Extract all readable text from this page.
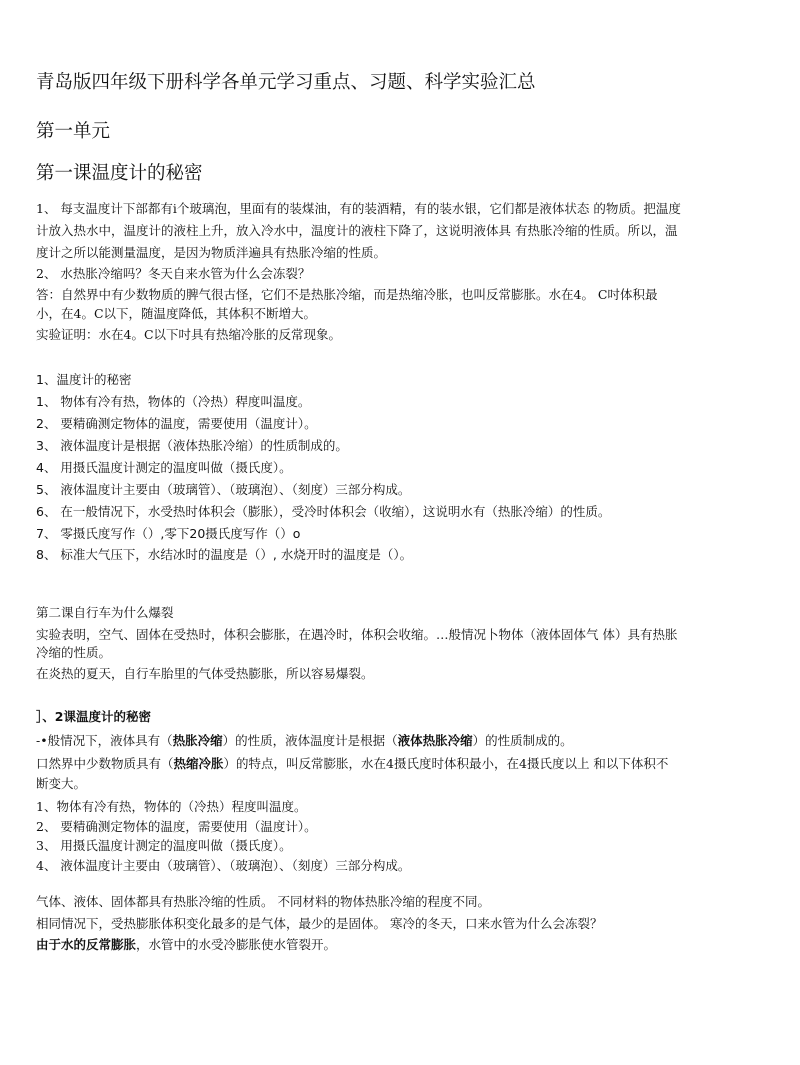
青岛版四年级下册科学各单元学习重点、习题、科学实验汇总
第一单元
第一课温度计的秘密
1、 每支温度计下部都有i个玻璃泡，里面有的装煤油，有的装酒精，有的装水银，它们都是液体状态 的物质。把温度
计放入热水中，温度计的液柱上升，放入冷水中，温度计的液柱下降了，这说明液体具 有热胀冷缩的性质。所以，温
度计之所以能测量温度，是因为物质泮遍具有热胀冷缩的性质。
2、 水热胀冷缩吗？冬天自来水管为什么会冻裂？
答：自然界中有少数物质的脾气很古怪，它们不是热胀冷缩，而是热缩冷胀，也叫反常膨胀。水在4。 C吋体积最
小，在4。C以下，随温度降低，其体积不断増大。
实验证明：水在4。C以下吋具有热缩冷胀的反常现象。
1、温度计的秘密
1、 物体有冷有热，物体的（冷热）稈度叫温度。
2、 要精确测定物体的温度，需要使用（温度计）。
3、 液体温度计是根据（液体热胀冷缩）的性质制成的。
4、 用摄氏温度计测定的温度叫做（摄氏度）。
5、 液体温度计主要由（玻璃管）、（玻璃泡）、（刻度）三部分构成。
6、 在一般情况下，水受热时体积会（膨胀），受冷时体积会（收缩），这说明水有（热胀冷缩）的性质。
7、 零摄氏度写作（）,零下20摄氏度写作（）o
8、 标准大气压下，水结冰时的温度是（）, 水烧开时的温度是（）。
第二课自行车为什么爆裂
实验表明，空气、固体在受热时，体积会膨胀，在遇冷时，体积会收缩。…般情况卜物体（液体固体气 体）具有热胀
冷缩的性质。
在炎热的夏天，自行车胎里的气体受热膨胀，所以容易爆裂。
］、2课温度计的秘密
-•般情况下，液体具有（热胀冷缩）的性质，液体温度计是根据（液体热胀冷缩）的性质制成的。
口然界中少数物质具有（热缩冷胀）的特点，叫反常膨胀，水在4摄氏度时体积最小，在4摄氏度以上 和以下体积不
断变大。
1、物体有冷有热，物体的（冷热）程度叫温度。
2、 要精确测定物体的温度，需要使用（温度计）。
3、 用摄氏温度计测定的温度叫做（摄氏度）。
4、 液体温度计主要由（玻璃管）、（玻璃泡）、（刻度）三部分构成。
气体、液体、固体都具有热胀冷缩的性质。 不同材料的物体热胀冷缩的程度不同。
相同情况下，受热膨胀体积变化最多的是气体，最少的是固体。 寒冷的冬天，口来水管为什么会冻裂？
由于水的反常膨胀，水管中的水受冷膨胀使水管裂开。
